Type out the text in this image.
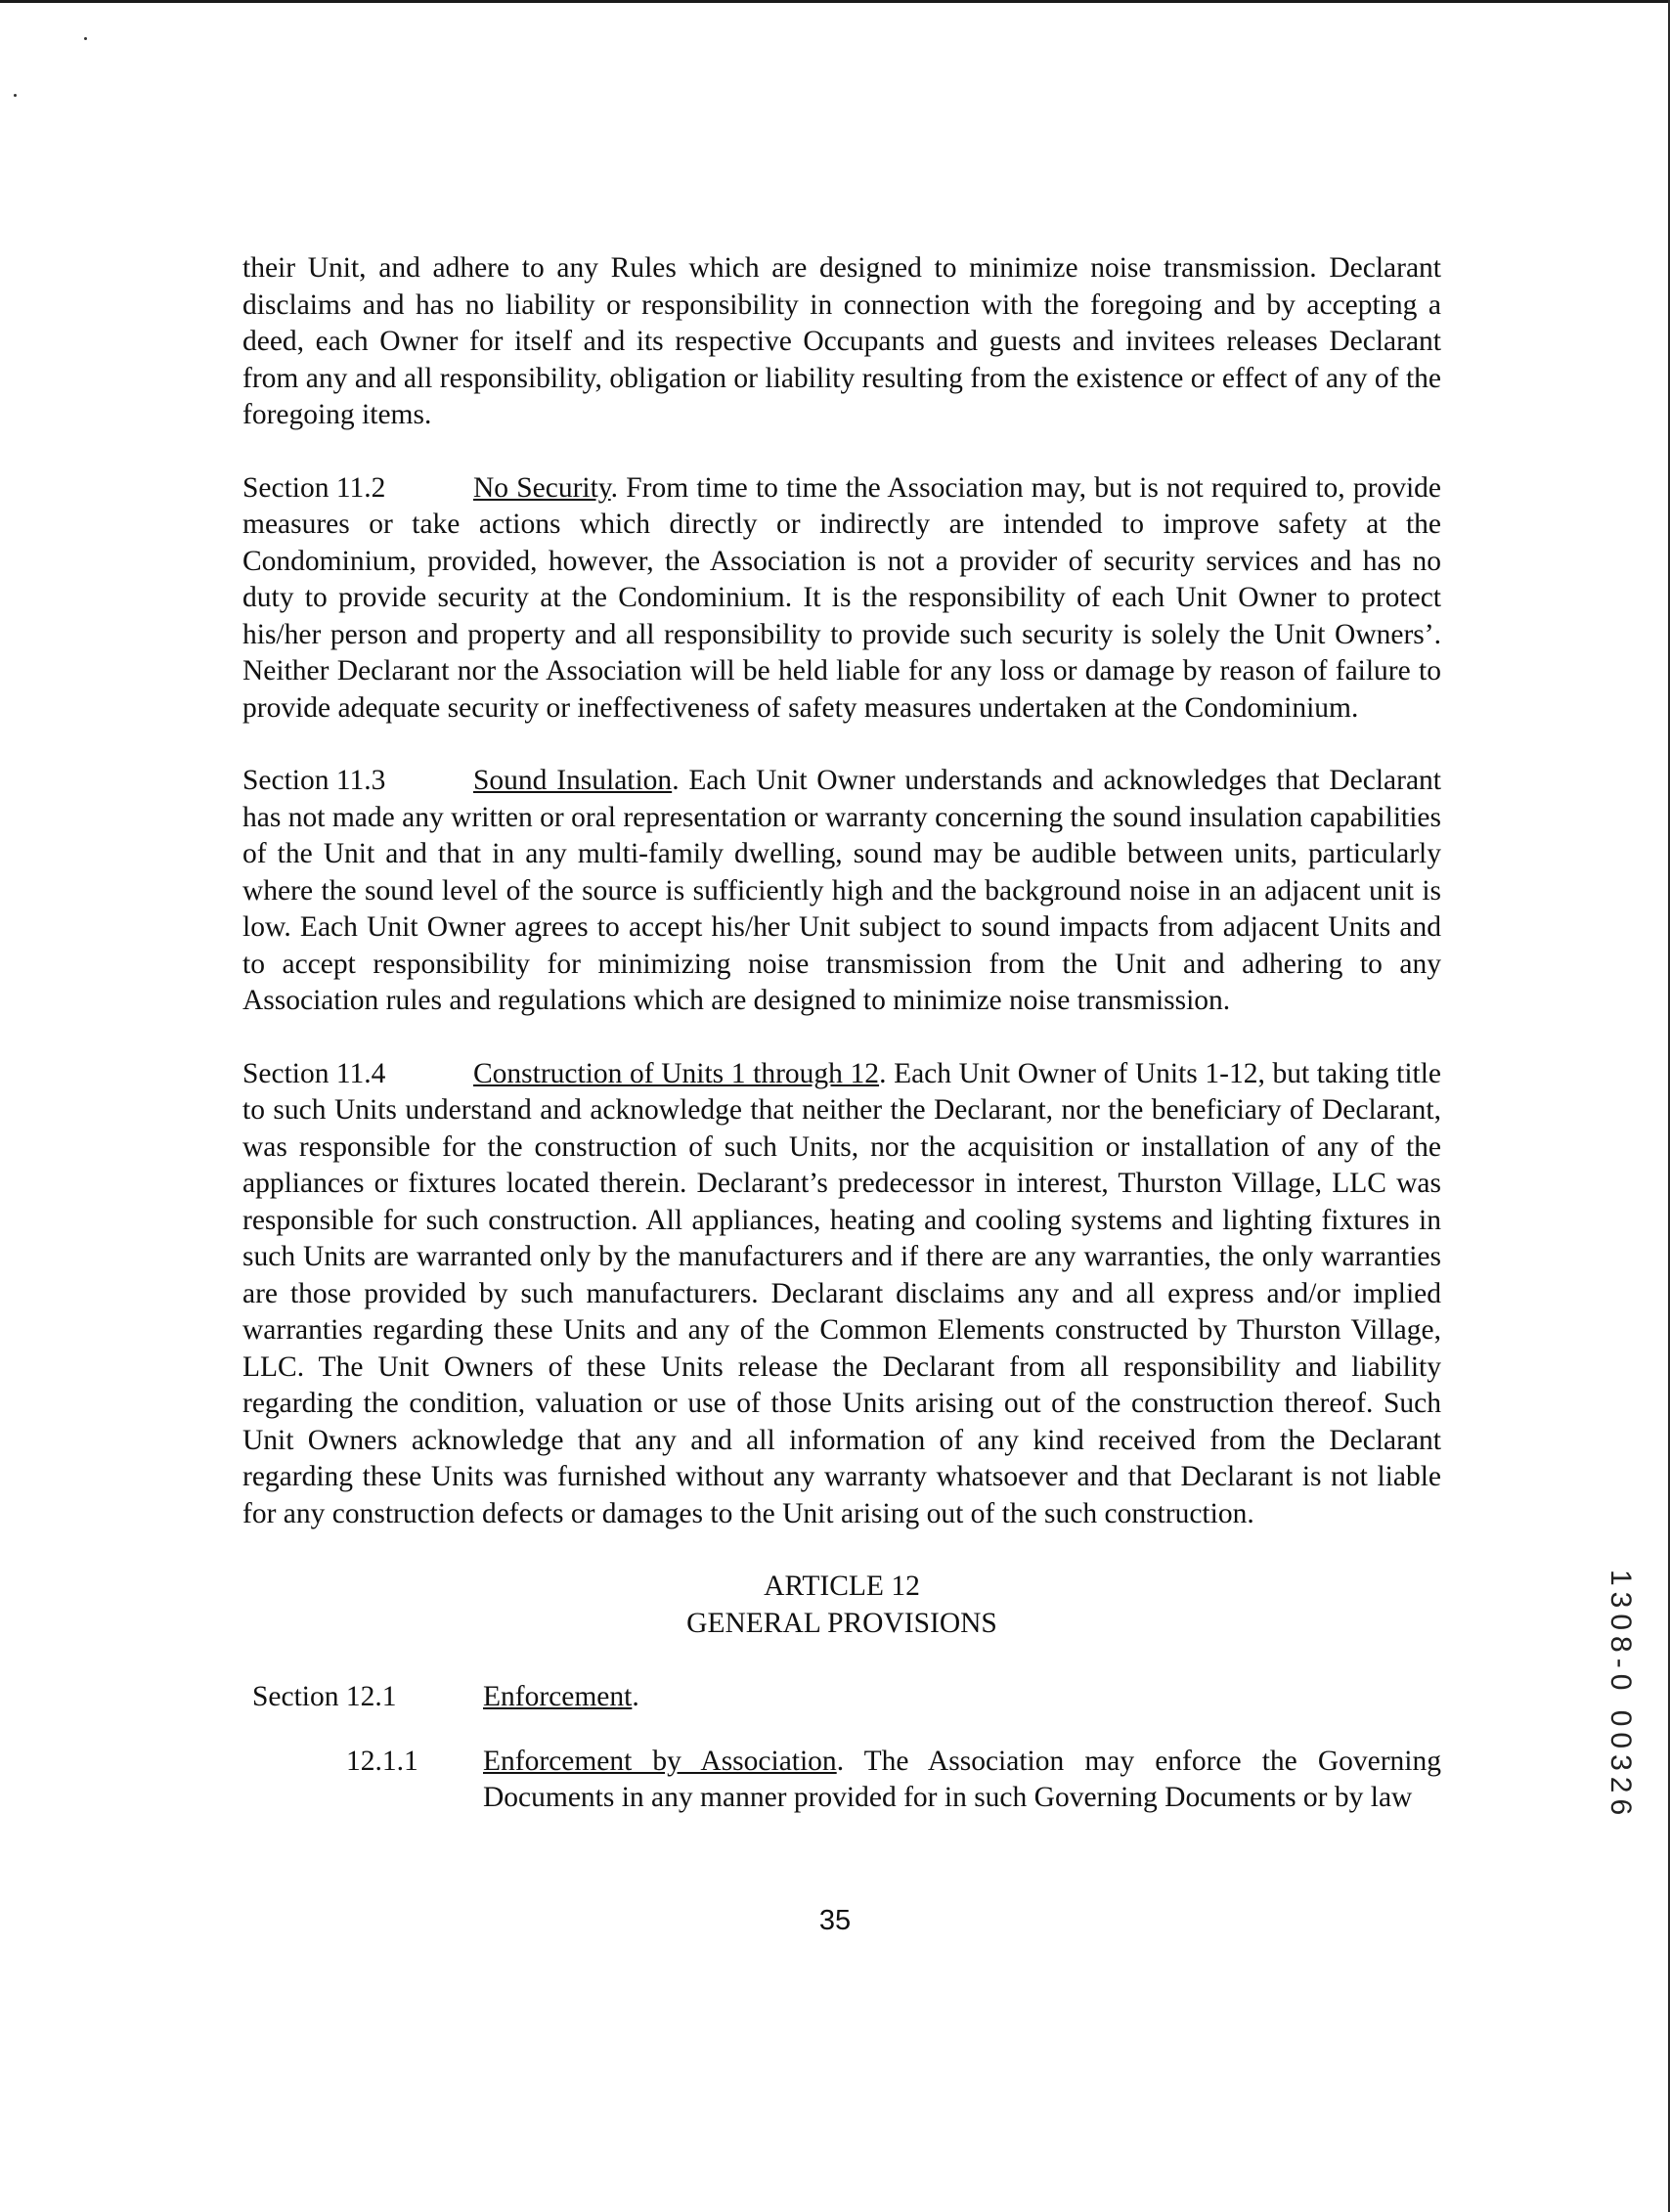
their Unit, and adhere to any Rules which are designed to minimize noise transmission. Declarant disclaims and has no liability or responsibility in connection with the foregoing and by accepting a deed, each Owner for itself and its respective Occupants and guests and invitees releases Declarant from any and all responsibility, obligation or liability resulting from the existence or effect of any of the foregoing items.

Section 11.2	No Security. From time to time the Association may, but is not required to, provide measures or take actions which directly or indirectly are intended to improve safety at the Condominium, provided, however, the Association is not a provider of security services and has no duty to provide security at the Condominium. It is the responsibility of each Unit Owner to protect his/her person and property and all responsibility to provide such security is solely the Unit Owners’. Neither Declarant nor the Association will be held liable for any loss or damage by reason of failure to provide adequate security or ineffectiveness of safety measures undertaken at the Condominium.

Section 11.3	Sound Insulation. Each Unit Owner understands and acknowledges that Declarant has not made any written or oral representation or warranty concerning the sound insulation capabilities of the Unit and that in any multi-family dwelling, sound may be audible between units, particularly where the sound level of the source is sufficiently high and the background noise in an adjacent unit is low. Each Unit Owner agrees to accept his/her Unit subject to sound impacts from adjacent Units and to accept responsibility for minimizing noise transmission from the Unit and adhering to any Association rules and regulations which are designed to minimize noise transmission.

Section 11.4	Construction of Units 1 through 12. Each Unit Owner of Units 1-12, but taking title to such Units understand and acknowledge that neither the Declarant, nor the beneficiary of Declarant, was responsible for the construction of such Units, nor the acquisition or installation of any of the appliances or fixtures located therein. Declarant’s predecessor in interest, Thurston Village, LLC was responsible for such construction. All appliances, heating and cooling systems and lighting fixtures in such Units are warranted only by the manufacturers and if there are any warranties, the only warranties are those provided by such manufacturers. Declarant disclaims any and all express and/or implied warranties regarding these Units and any of the Common Elements constructed by Thurston Village, LLC. The Unit Owners of these Units release the Declarant from all responsibility and liability regarding the condition, valuation or use of those Units arising out of the construction thereof. Such Unit Owners acknowledge that any and all information of any kind received from the Declarant regarding these Units was furnished without any warranty whatsoever and that Declarant is not liable for any construction defects or damages to the Unit arising out of the such construction.

ARTICLE 12
GENERAL PROVISIONS
Section 12.1	Enforcement.
12.1.1	Enforcement by Association. The Association may enforce the Governing Documents in any manner provided for in such Governing Documents or by law
35
1308-0 00326
